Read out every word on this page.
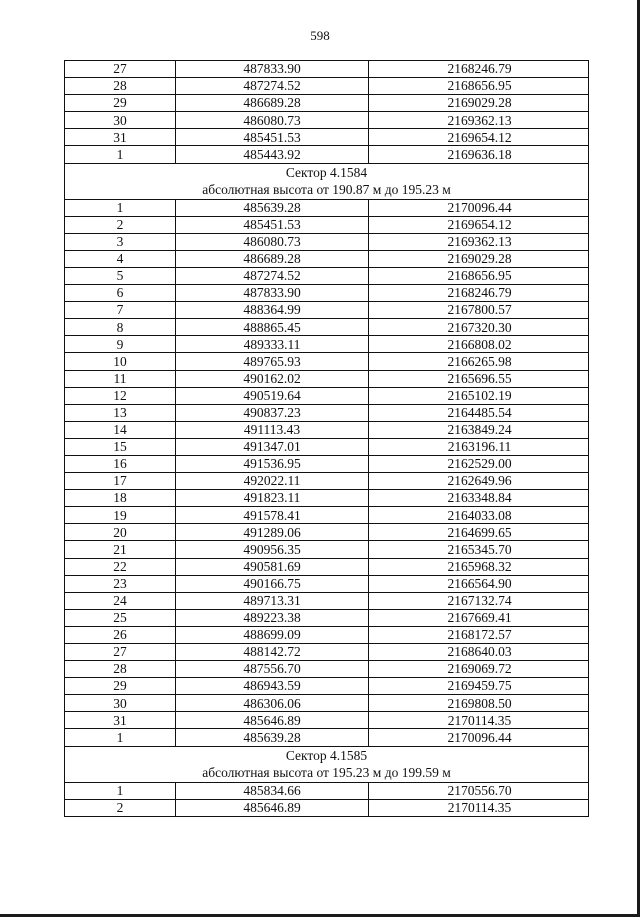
598
27	487833.90	2168246.79
28	487274.52	2168656.95
29	486689.28	2169029.28
30	486080.73	2169362.13
31	485451.53	2169654.12
1	485443.92	2169636.18
Сектор 4.1584
абсолютная высота от 190.87 м до 195.23 м
1	485639.28	2170096.44
2	485451.53	2169654.12
3	486080.73	2169362.13
4	486689.28	2169029.28
5	487274.52	2168656.95
6	487833.90	2168246.79
7	488364.99	2167800.57
8	488865.45	2167320.30
9	489333.11	2166808.02
10	489765.93	2166265.98
11	490162.02	2165696.55
12	490519.64	2165102.19
13	490837.23	2164485.54
14	491113.43	2163849.24
15	491347.01	2163196.11
16	491536.95	2162529.00
17	492022.11	2162649.96
18	491823.11	2163348.84
19	491578.41	2164033.08
20	491289.06	2164699.65
21	490956.35	2165345.70
22	490581.69	2165968.32
23	490166.75	2166564.90
24	489713.31	2167132.74
25	489223.38	2167669.41
26	488699.09	2168172.57
27	488142.72	2168640.03
28	487556.70	2169069.72
29	486943.59	2169459.75
30	486306.06	2169808.50
31	485646.89	2170114.35
1	485639.28	2170096.44
Сектор 4.1585
абсолютная высота от 195.23 м до 199.59 м
1	485834.66	2170556.70
2	485646.89	2170114.35
